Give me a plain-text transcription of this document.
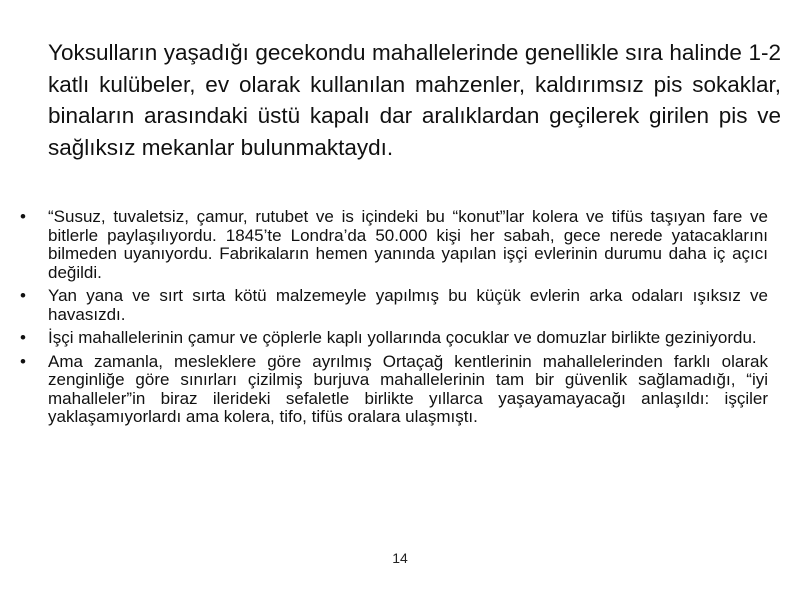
Yoksulların yaşadığı gecekondu mahallelerinde genellikle sıra halinde 1-2 katlı kulübeler, ev olarak kullanılan mahzenler, kaldırımsız pis sokaklar, binaların arasındaki üstü kapalı dar aralıklardan geçilerek girilen pis ve sağlıksız mekanlar bulunmaktaydı.

• “Susuz, tuvaletsiz, çamur, rutubet ve is içindeki bu “konut”lar kolera ve tifüs taşıyan fare ve bitlerle paylaşılıyordu. 1845’te Londra’da 50.000 kişi her sabah, gece nerede yatacaklarını bilmeden uyanıyordu. Fabrikaların hemen yanında yapılan işçi evlerinin durumu daha iç açıcı değildi.
• Yan yana ve sırt sırta kötü malzemeyle yapılmış bu küçük evlerin arka odaları ışıksız ve havasızdı.
• İşçi mahallelerinin çamur ve çöplerle kaplı yollarında çocuklar ve domuzlar birlikte geziniyordu.
• Ama zamanla, mesleklere göre ayrılmış Ortaçağ kentlerinin mahallelerinden farklı olarak zenginliğe göre sınırları çizilmiş burjuva mahallelerinin tam bir güvenlik sağlamadığı, “iyi mahalleler”in biraz ilerideki sefaletle birlikte yıllarca yaşayamayacağı anlaşıldı: işçiler yaklaşamıyorlardı ama kolera, tifo, tifüs oralara ulaşmıştı.
14
